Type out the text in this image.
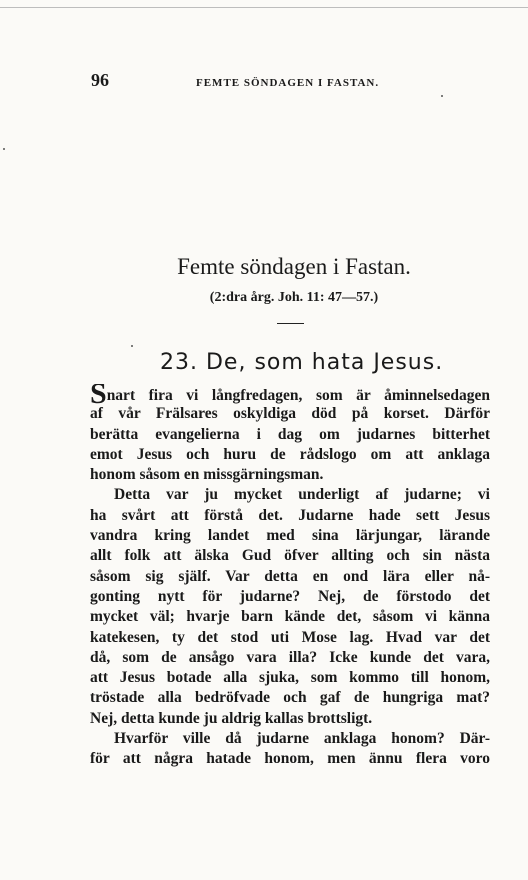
96	FEMTE SÖNDAGEN I FASTAN.
Femte söndagen i Fastan.
(2:dra årg. Joh. 11: 47—57.)
23. De, som hata Jesus.
Snart fira vi långfredagen, som är åminnelsedagen
af vår Frälsares oskyldiga död på korset. Därför
berätta evangelierna i dag om judarnes bitterhet
emot Jesus och huru de rådslogo om att anklaga
honom såsom en missgärningsman.
Detta var ju mycket underligt af judarne; vi
ha svårt att förstå det. Judarne hade sett Jesus
vandra kring landet med sina lärjungar, lärande
allt folk att älska Gud öfver allting och sin nästa
såsom sig själf. Var detta en ond lära eller nå-
gonting nytt för judarne? Nej, de förstodo det
mycket väl; hvarje barn kände det, såsom vi känna
katekesen, ty det stod uti Mose lag. Hvad var det
då, som de ansågo vara illa? Icke kunde det vara,
att Jesus botade alla sjuka, som kommo till honom,
tröstade alla bedröfvade och gaf de hungriga mat?
Nej, detta kunde ju aldrig kallas brottsligt.
Hvarför ville då judarne anklaga honom? Där-
för att några hatade honom, men ännu flera voro
